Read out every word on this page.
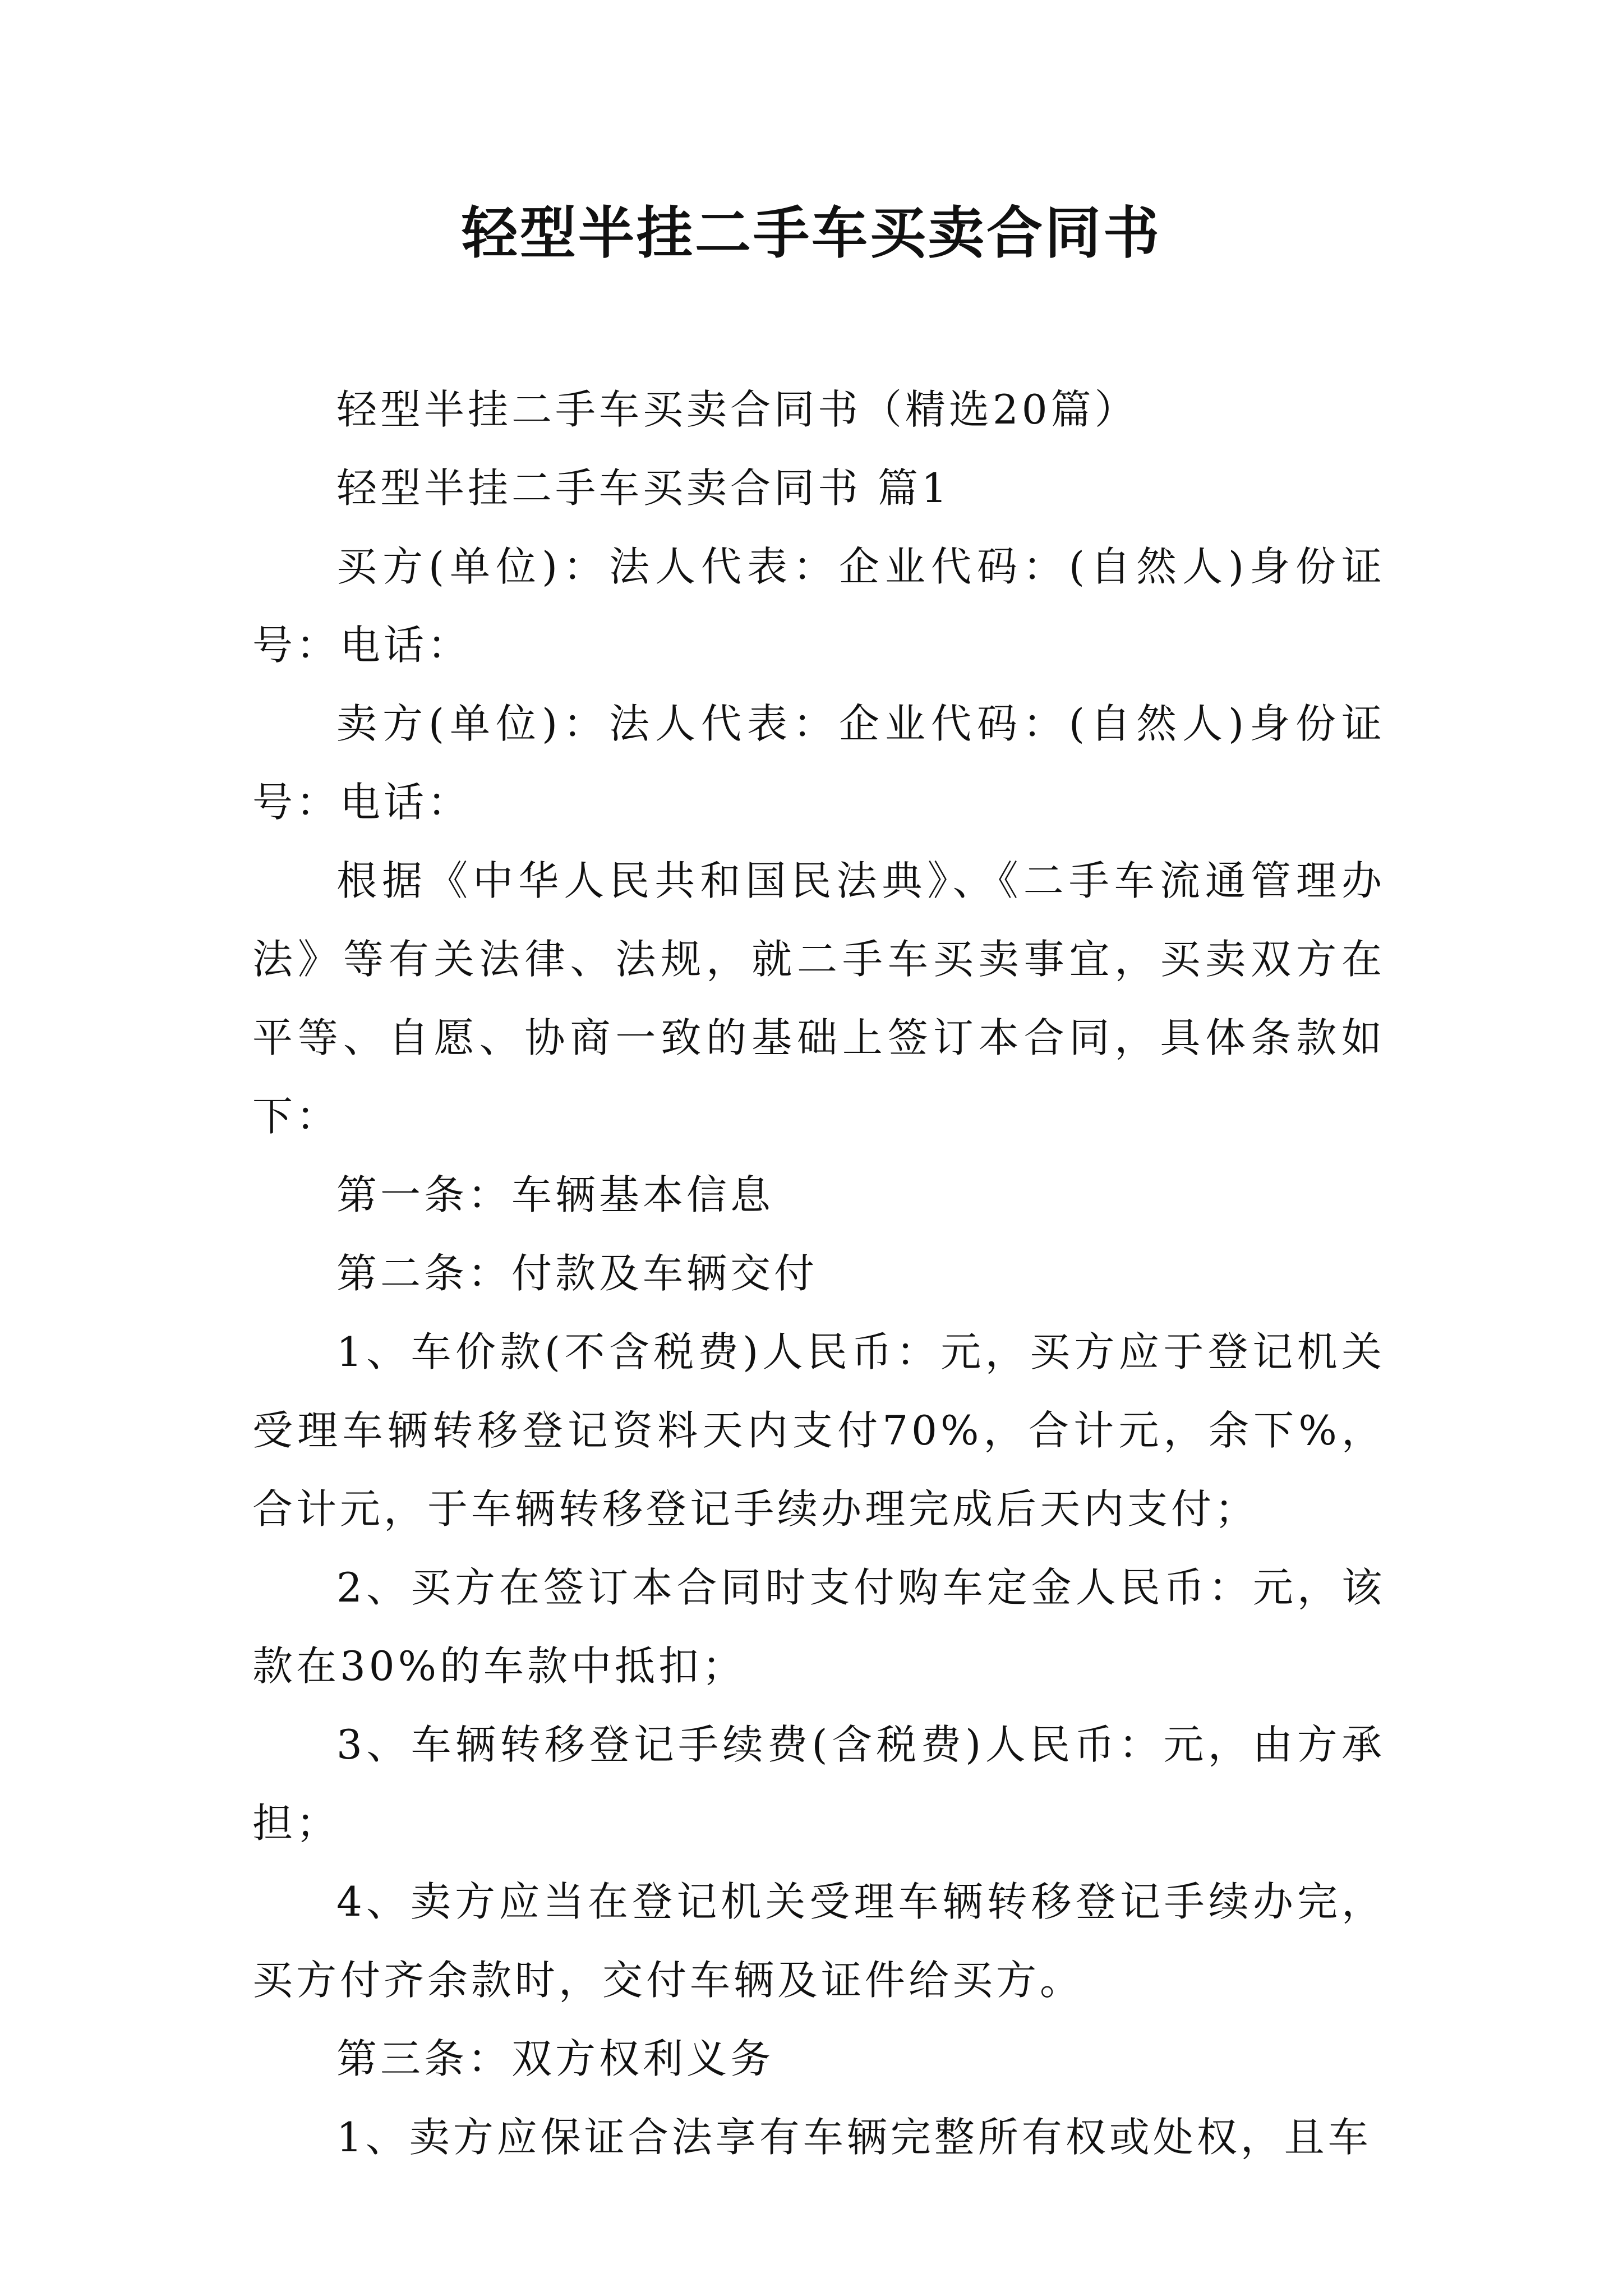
轻型半挂二手车买卖合同书

轻型半挂二手车买卖合同书（精选20篇）

轻型半挂二手车买卖合同书 篇1

买方(单位)：法人代表：企业代码：(自然人)身份证号：电话：

卖方(单位)：法人代表：企业代码：(自然人)身份证号：电话：

根据《中华人民共和国民法典》、《二手车流通管理办法》等有关法律、法规，就二手车买卖事宜，买卖双方在平等、自愿、协商一致的基础上签订本合同，具体条款如下：

第一条：车辆基本信息

第二条：付款及车辆交付

1、车价款(不含税费)人民币：元，买方应于登记机关受理车辆转移登记资料天内支付70%，合计元，余下%，合计元，于车辆转移登记手续办理完成后天内支付；

2、买方在签订本合同时支付购车定金人民币：元，该款在30%的车款中抵扣；

3、车辆转移登记手续费(含税费)人民币：元，由方承担；

4、卖方应当在登记机关受理车辆转移登记手续办完，买方付齐余款时，交付车辆及证件给买方。

第三条：双方权利义务

1、卖方应保证合法享有车辆完整所有权或处权，且车
